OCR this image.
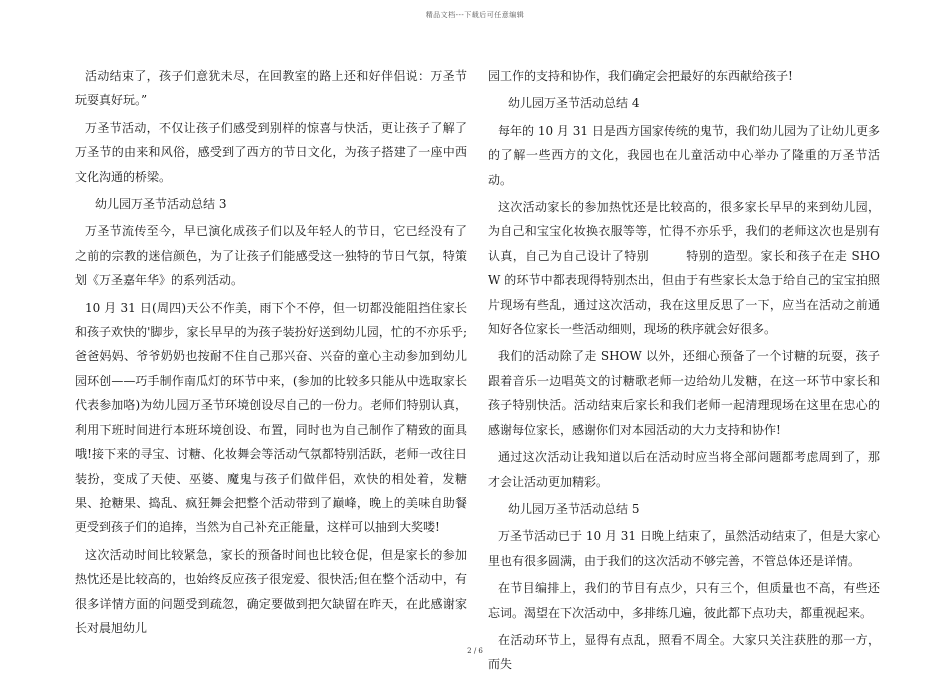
精品文档---下载后可任意编辑

活动结束了，孩子们意犹未尽，在回教室的路上还和好伴侣说：万圣节玩耍真好玩。”

万圣节活动，不仅让孩子们感受到别样的惊喜与快活，更让孩子了解了万圣节的由来和风俗，感受到了西方的节日文化，为孩子搭建了一座中西文化沟通的桥梁。

幼儿园万圣节活动总结 3

万圣节流传至今，早已演化成孩子们以及年轻人的节日，它已经没有了之前的宗教的迷信颜色，为了让孩子们能感受这一独特的节日气氛，特策划《万圣嘉年华》的系列活动。

10 月 31 日(周四)天公不作美，雨下个不停，但一切都没能阻挡住家长和孩子欢快的'脚步，家长早早的为孩子装扮好送到幼儿园，忙的不亦乐乎;爸爸妈妈、爷爷奶奶也按耐不住自己那兴奋、兴奋的童心主动参加到幼儿园环创——巧手制作南瓜灯的环节中来，(参加的比较多只能从中选取家长代表参加咯)为幼儿园万圣节环境创设尽自己的一份力。老师们特别认真，利用下班时间进行本班环境创设、布置，同时也为自己制作了精致的面具哦!接下来的寻宝、讨糖、化妆舞会等活动气氛都特别活跃，老师一改往日装扮，变成了天使、巫婆、魔鬼与孩子们做伴侣，欢快的相处着，发糖果、抢糖果、捣乱、疯狂舞会把整个活动带到了巅峰，晚上的美味自助餐更受到孩子们的追捧，当然为自己补充正能量，这样可以抽到大奖喽!

这次活动时间比较紧急，家长的预备时间也比较仓促，但是家长的参加热忱还是比较高的，也始终反应孩子很宠爱、很快活;但在整个活动中，有很多详情方面的问题受到疏忽，确定要做到把欠缺留在昨天，在此感谢家长对晨旭幼儿

园工作的支持和协作，我们确定会把最好的东西献给孩子!

幼儿园万圣节活动总结 4

每年的 10 月 31 日是西方国家传统的鬼节，我们幼儿园为了让幼儿更多的了解一些西方的文化，我园也在儿童活动中心举办了隆重的万圣节活动。

这次活动家长的参加热忱还是比较高的，很多家长早早的来到幼儿园，为自己和宝宝化妆换衣服等等，忙得不亦乐乎，我们的老师这次也是别有认真，自己为自己设计了特别　　　特别的造型。家长和孩子在走 SHOW 的环节中都表现得特别杰出，但由于有些家长太急于给自己的宝宝拍照片现场有些乱，通过这次活动，我在这里反思了一下，应当在活动之前通知好各位家长一些活动细则，现场的秩序就会好很多。

我们的活动除了走 SHOW 以外，还细心预备了一个讨糖的玩耍，孩子跟着音乐一边唱英文的讨糖歌老师一边给幼儿发糖，在这一环节中家长和孩子特别快活。活动结束后家长和我们老师一起清理现场在这里在忠心的感谢每位家长，感谢你们对本园活动的大力支持和协作!

通过这次活动让我知道以后在活动时应当将全部问题都考虑周到了，那才会让活动更加精彩。

幼儿园万圣节活动总结 5

万圣节活动已于 10 月 31 日晚上结束了，虽然活动结束了，但是大家心里也有很多圆满，由于我们的这次活动不够完善，不管总体还是详情。

在节目编排上，我们的节目有点少，只有三个，但质量也不高，有些还忘词。渴望在下次活动中，多排练几遍，彼此都下点功夫，都重视起来。

在活动环节上，显得有点乱，照看不周全。大家只关注获胜的那一方，而失

2 / 6
